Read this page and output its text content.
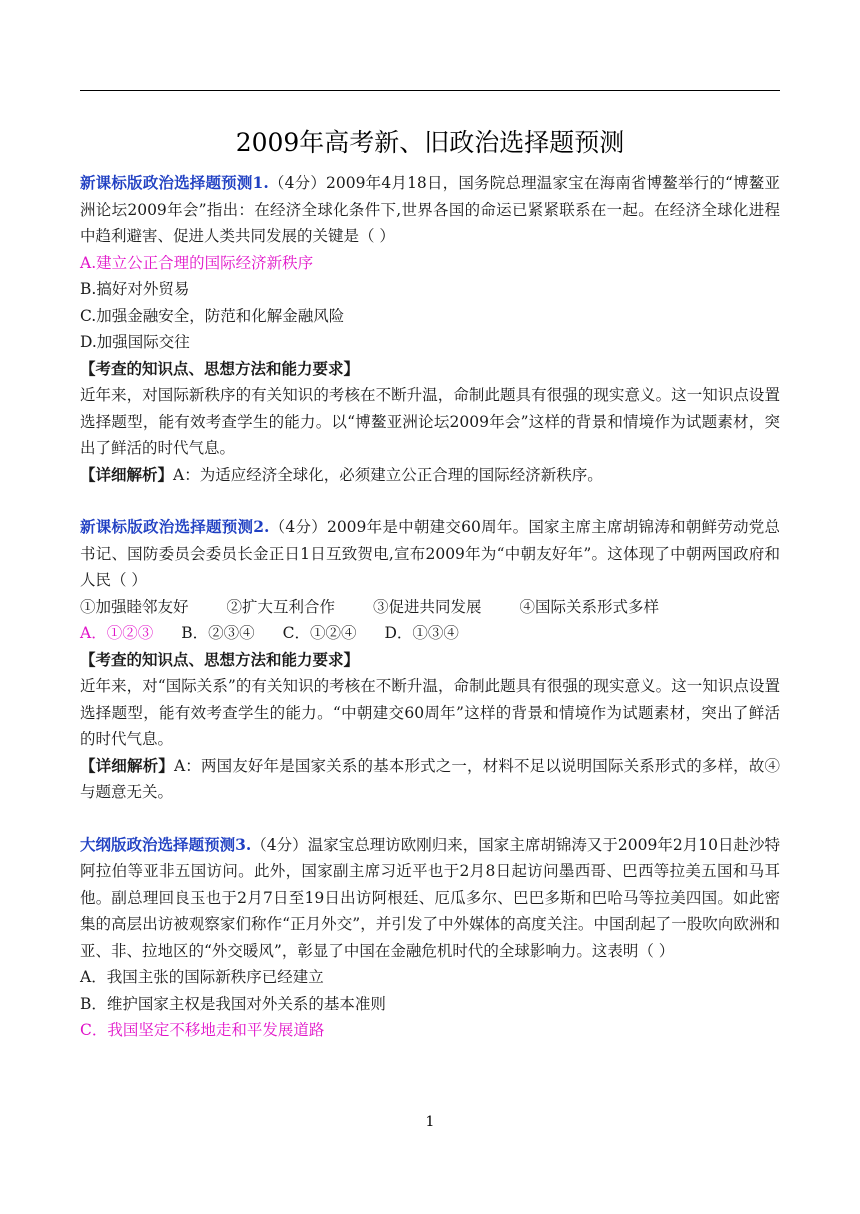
2009年高考新、旧政治选择题预测

新课标版政治选择题预测1.（4分）2009年4月18日，国务院总理温家宝在海南省博鳌举行的“博鳌亚洲论坛2009年会”指出：在经济全球化条件下,世界各国的命运已紧紧联系在一起。在经济全球化进程中趋利避害、促进人类共同发展的关键是（ ）

A.建立公正合理的国际经济新秩序

B.搞好对外贸易

C.加强金融安全，防范和化解金融风险

D.加强国际交往

【考查的知识点、思想方法和能力要求】

近年来，对国际新秩序的有关知识的考核在不断升温，命制此题具有很强的现实意义。这一知识点设置选择题型，能有效考查学生的能力。以“博鳌亚洲论坛2009年会”这样的背景和情境作为试题素材，突出了鲜活的时代气息。

【详细解析】A：为适应经济全球化，必须建立公正合理的国际经济新秩序。

新课标版政治选择题预测2.（4分）2009年是中朝建交60周年。国家主席主席胡锦涛和朝鲜劳动党总书记、国防委员会委员长金正日1日互致贺电,宣布2009年为“中朝友好年”。这体现了中朝两国政府和人民（ ）

①加强睦邻友好 ②扩大互利合作 ③促进共同发展 ④国际关系形式多样

A．①②③ B．②③④ C．①②④ D．①③④

【考查的知识点、思想方法和能力要求】

近年来，对“国际关系”的有关知识的考核在不断升温，命制此题具有很强的现实意义。这一知识点设置选择题型，能有效考查学生的能力。“中朝建交60周年”这样的背景和情境作为试题素材，突出了鲜活的时代气息。

【详细解析】A：两国友好年是国家关系的基本形式之一，材料不足以说明国际关系形式的多样，故④与题意无关。

大纲版政治选择题预测3.（4分）温家宝总理访欧刚归来，国家主席胡锦涛又于2009年2月10日赴沙特阿拉伯等亚非五国访问。此外，国家副主席习近平也于2月8日起访问墨西哥、巴西等拉美五国和马耳他。副总理回良玉也于2月7日至19日出访阿根廷、厄瓜多尔、巴巴多斯和巴哈马等拉美四国。如此密集的高层出访被观察家们称作“正月外交”，并引发了中外媒体的高度关注。中国刮起了一股吹向欧洲和亚、非、拉地区的“外交暖风”，彰显了中国在金融危机时代的全球影响力。这表明（ ）

A．我国主张的国际新秩序已经建立

B．维护国家主权是我国对外关系的基本准则

C．我国坚定不移地走和平发展道路

1
